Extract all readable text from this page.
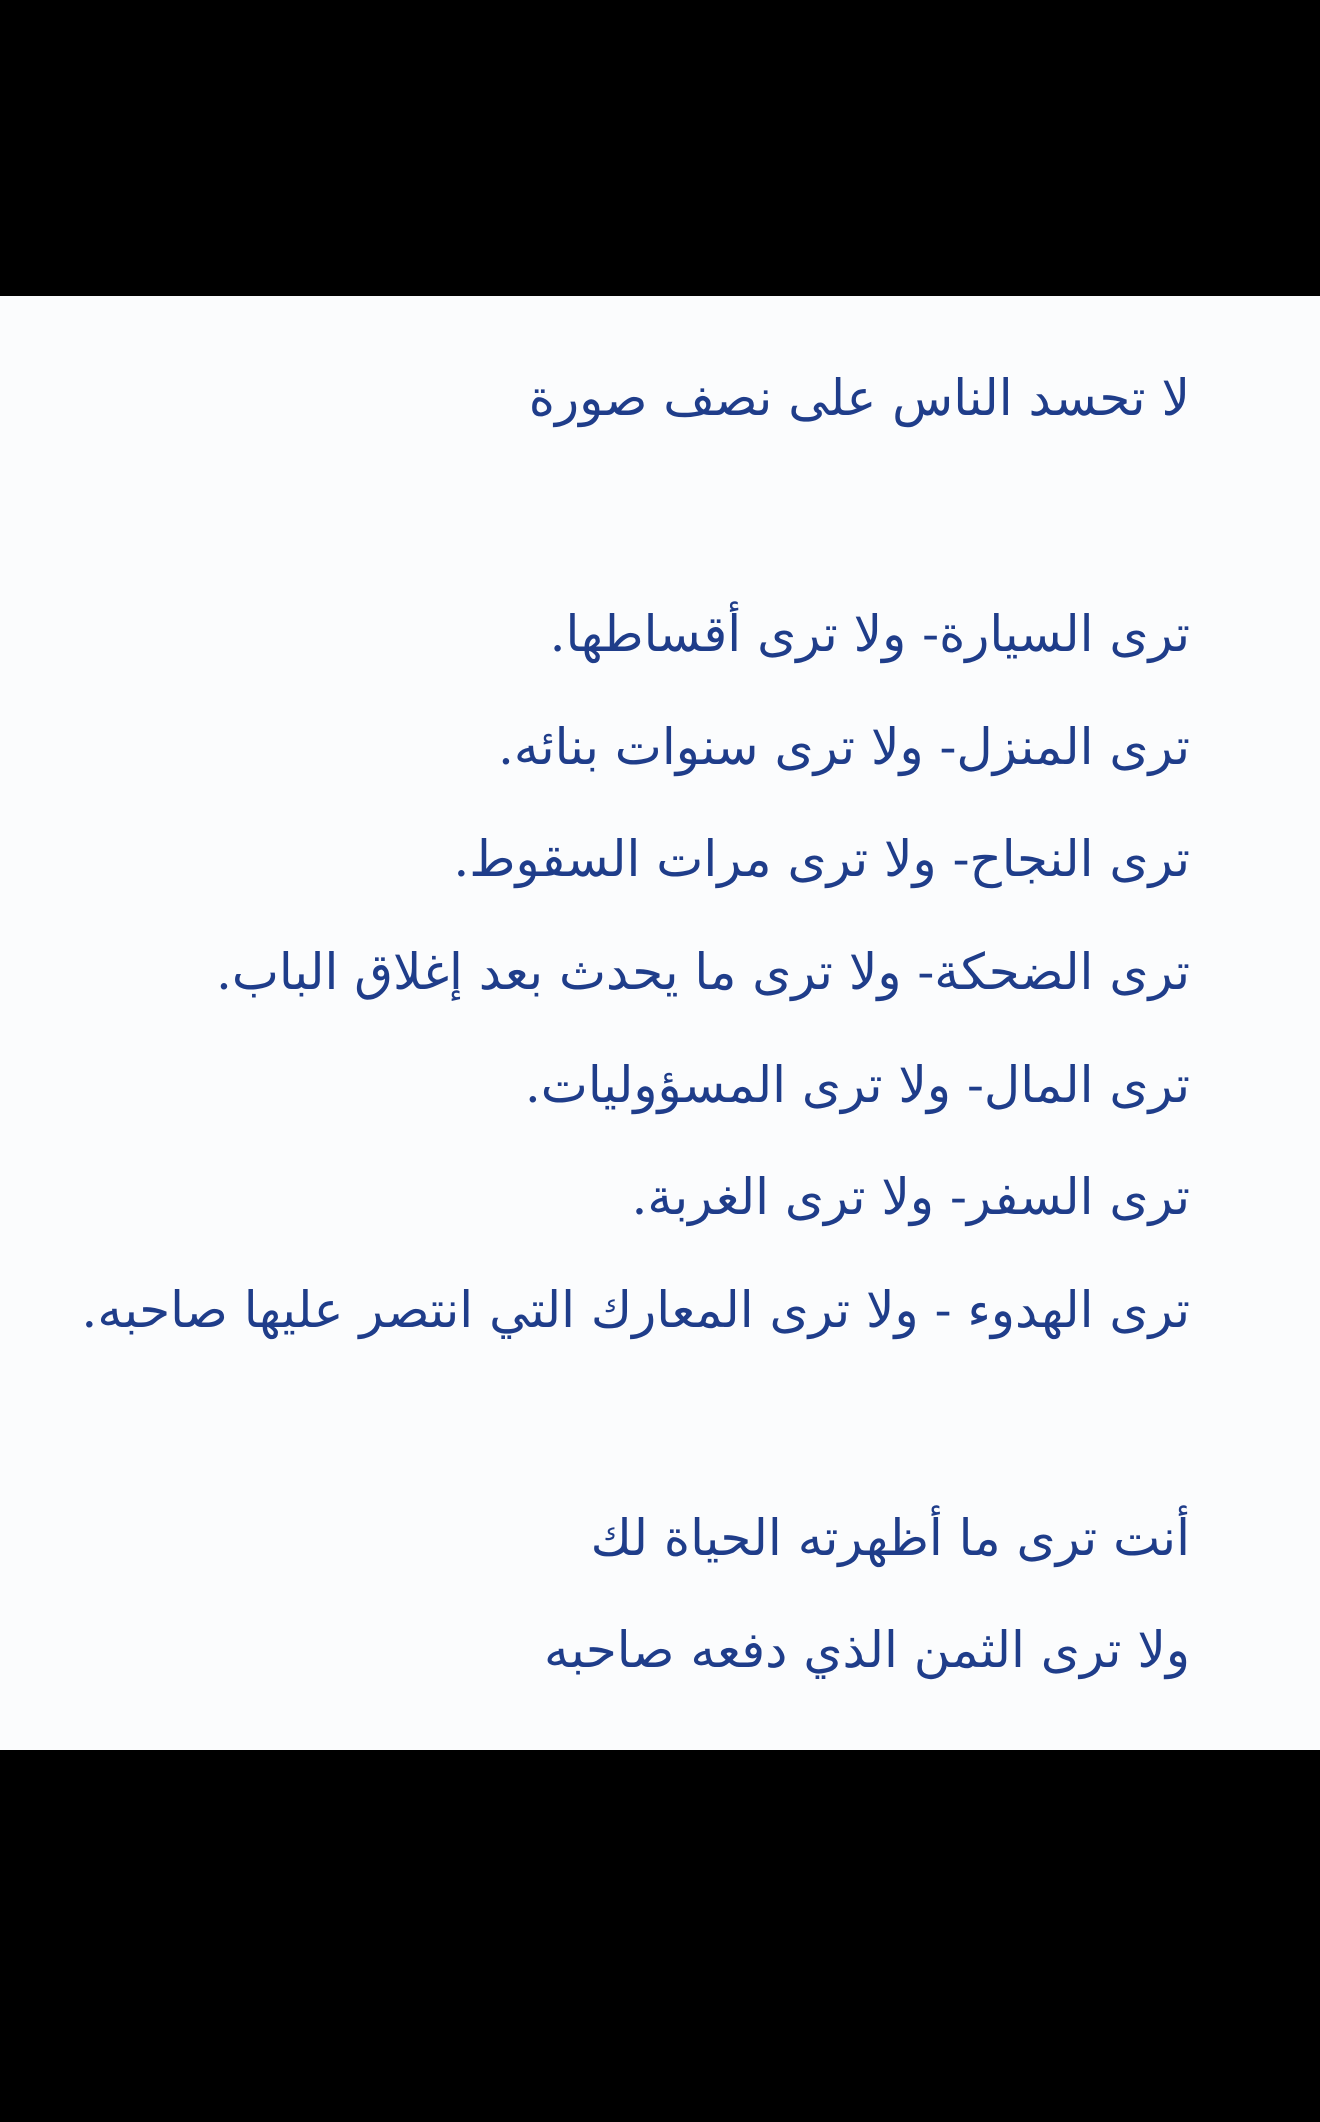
لا تحسد الناس على نصف صورة
ترى السيارة- ولا ترى أقساطها.
ترى المنزل- ولا ترى سنوات بنائه.
ترى النجاح- ولا ترى مرات السقوط.
ترى الضحكة- ولا ترى ما يحدث بعد إغلاق الباب.
ترى المال- ولا ترى المسؤوليات.
ترى السفر- ولا ترى الغربة.
ترى الهدوء - ولا ترى المعارك التي انتصر عليها صاحبه.
أنت ترى ما أظهرته الحياة لك
ولا ترى الثمن الذي دفعه صاحبه
